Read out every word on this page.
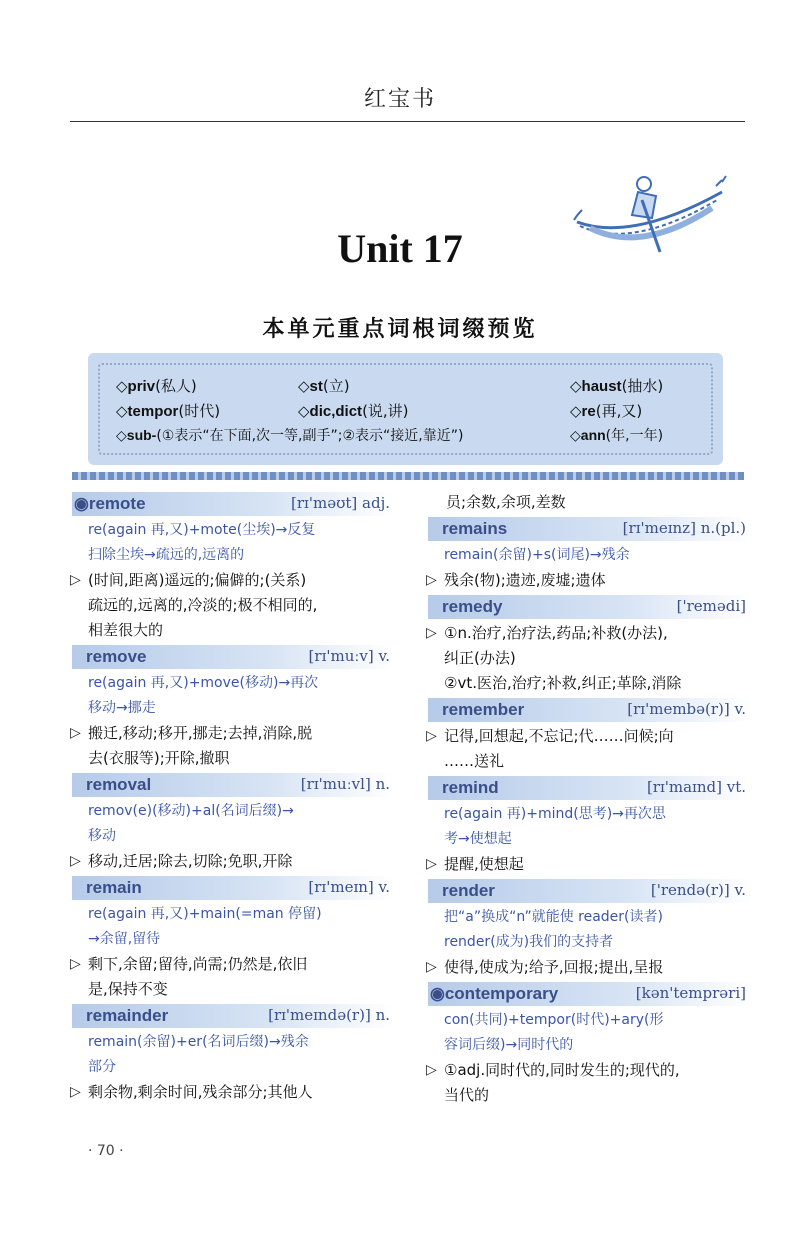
红宝书
Unit 17
本单元重点词根词缀预览
◇priv(私人)	◇st(立)	◇haust(抽水)
◇tempor(时代)	◇dic,dict(说,讲)	◇re(再,又)
◇sub-(①表示“在下面,次一等,副手”;②表示“接近,靠近”)	◇ann(年,一年)
◉remote	[rɪ'məʊt] adj.
re(again 再,又)+mote(尘埃)→反复
扫除尘埃→疏远的,远离的
▷ (时间,距离)遥远的;偏僻的;(关系)
疏远的,远离的,冷淡的;极不相同的,
相差很大的
remove	[rɪ'muːv] v.
re(again 再,又)+move(移动)→再次
移动→挪走
▷ 搬迁,移动;移开,挪走;去掉,消除,脱
去(衣服等);开除,撤职
removal	[rɪ'muːvl] n.
remov(e)(移动)+al(名词后缀)→
移动
▷ 移动,迁居;除去,切除;免职,开除
remain	[rɪ'meɪn] v.
re(again 再,又)+main(=man 停留)
→余留,留待
▷ 剩下,余留;留待,尚需;仍然是,依旧
是,保持不变
remainder	[rɪ'meɪndə(r)] n.
remain(余留)+er(名词后缀)→残余
部分
▷ 剩余物,剩余时间,残余部分;其他人
员;余数,余项,差数
remains	[rɪ'meɪnz] n.(pl.)
remain(余留)+s(词尾)→残余
▷ 残余(物);遗迹,废墟;遗体
remedy	['remədi]
▷ ①n.治疗,治疗法,药品;补救(办法),
纠正(办法)
②vt.医治,治疗;补救,纠正;革除,消除
remember	[rɪ'membə(r)] v.
▷ 记得,回想起,不忘记;代……问候;向
……送礼
remind	[rɪ'maɪnd] vt.
re(again 再)+mind(思考)→再次思
考→使想起
▷ 提醒,使想起
render	['rendə(r)] v.
把“a”换成“n”就能使 reader(读者)
render(成为)我们的支持者
▷ 使得,使成为;给予,回报;提出,呈报
◉contemporary	[kən'temprəri]
con(共同)+tempor(时代)+ary(形
容词后缀)→同时代的
▷ ①adj.同时代的,同时发生的;现代的,
当代的
· 70 ·
